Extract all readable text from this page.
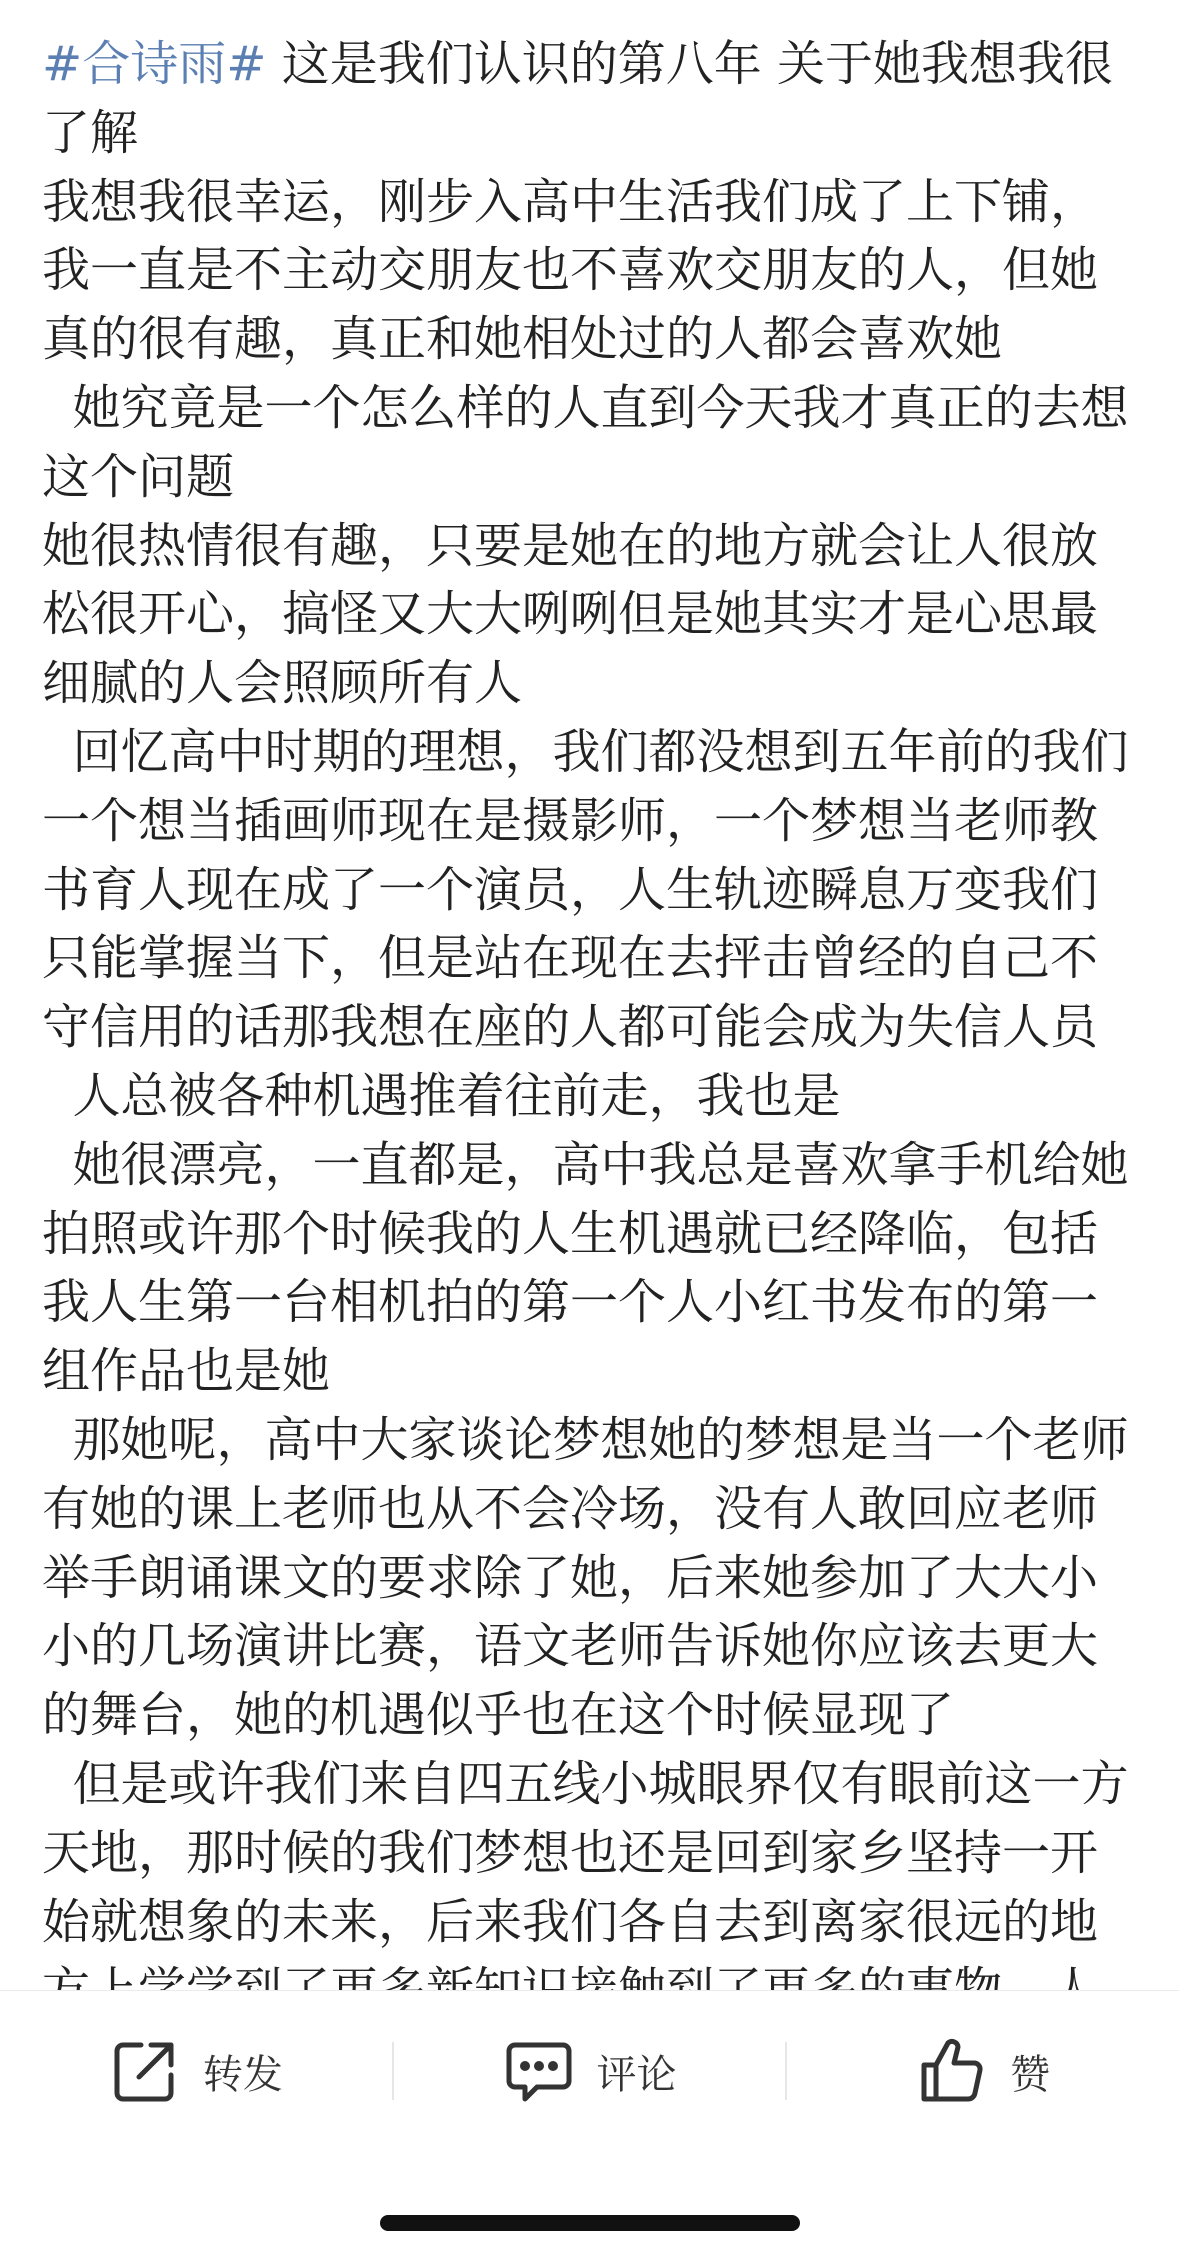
#合诗雨# 这是我们认识的第八年 关于她我想我很了解
我想我很幸运，刚步入高中生活我们成了上下铺，我一直是不主动交朋友也不喜欢交朋友的人，但她真的很有趣，真正和她相处过的人都会喜欢她
她究竟是一个怎么样的人直到今天我才真正的去想这个问题
她很热情很有趣，只要是她在的地方就会让人很放松很开心，搞怪又大大咧咧但是她其实才是心思最细腻的人会照顾所有人
回忆高中时期的理想，我们都没想到五年前的我们一个想当插画师现在是摄影师，一个梦想当老师教书育人现在成了一个演员，人生轨迹瞬息万变我们只能掌握当下，但是站在现在去抨击曾经的自己不守信用的话那我想在座的人都可能会成为失信人员
人总被各种机遇推着往前走，我也是
她很漂亮，一直都是，高中我总是喜欢拿手机给她拍照或许那个时候我的人生机遇就已经降临，包括我人生第一台相机拍的第一个人小红书发布的第一组作品也是她
那她呢，高中大家谈论梦想她的梦想是当一个老师有她的课上老师也从不会冷场，没有人敢回应老师举手朗诵课文的要求除了她，后来她参加了大大小小的几场演讲比赛，语文老师告诉她你应该去更大的舞台，她的机遇似乎也在这个时候显现了
但是或许我们来自四五线小城眼界仅有眼前这一方天地，那时候的我们梦想也还是回到家乡坚持一开始就想象的未来，后来我们各自去到离家很远的地
转发	评论	赞
